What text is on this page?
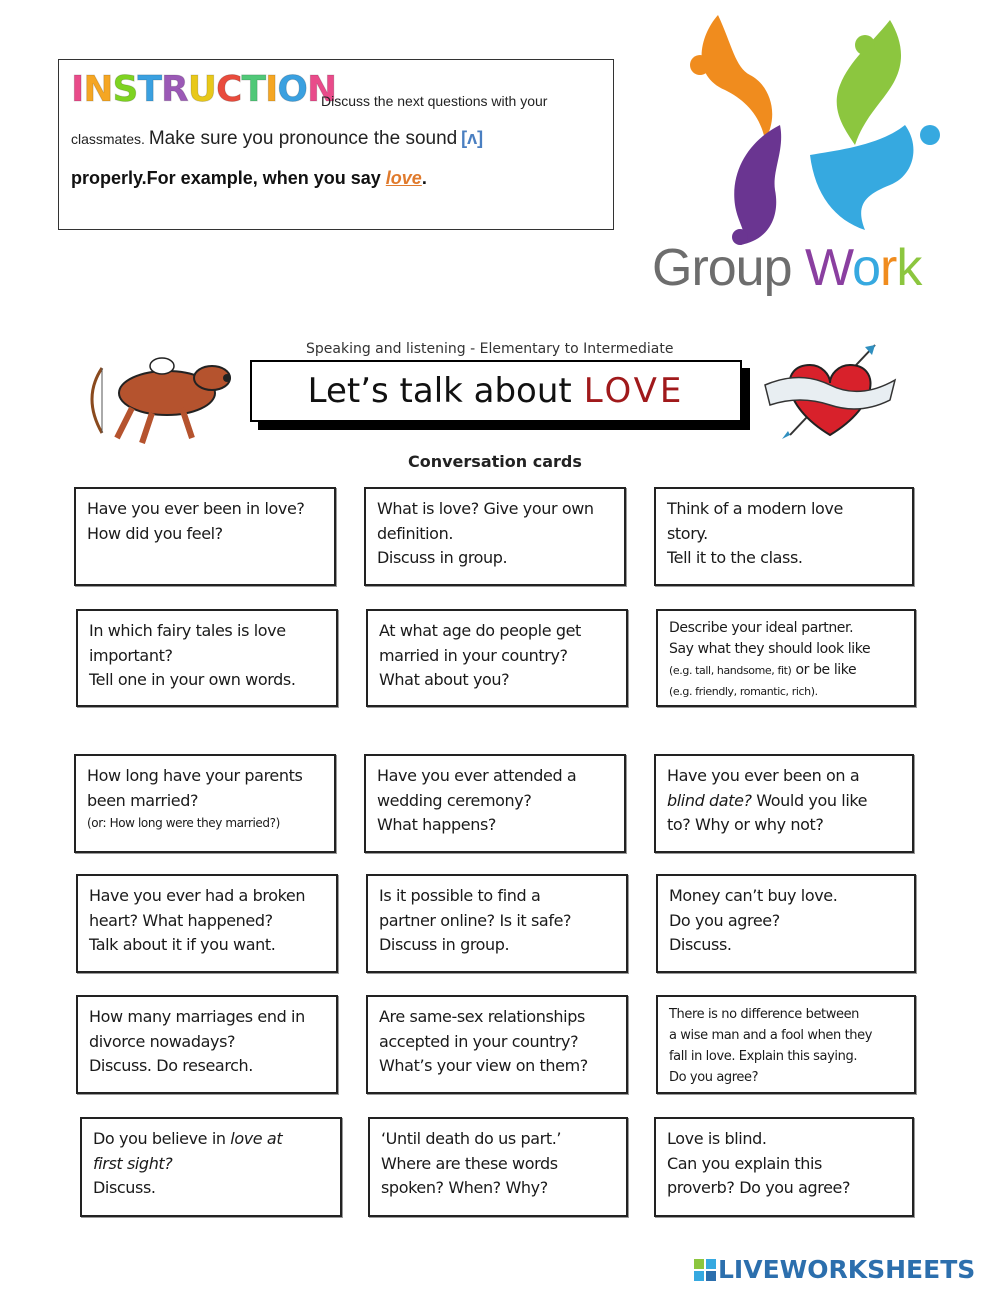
INSTRUCTION
Discuss the next questions with your
classmates. Make sure you pronounce the sound [ʌ]
properly.For example, when you say love.
Group Work
Speaking and listening - Elementary to Intermediate
Let’s talk about LOVE
Conversation cards
Have you ever been in love?
How did you feel?
What is love? Give your own
definition.
Discuss in group.
Think of a modern love
story.
Tell it to the class.
In which fairy tales is love
important?
Tell one in your own words.
At what age do people get
married in your country?
What about you?
Describe your ideal partner.
Say what they should look like
(e.g. tall, handsome, fit) or be like
(e.g. friendly, romantic, rich).
How long have your parents
been married?
(or: How long were they married?)
Have you ever attended a
wedding ceremony?
What happens?
Have you ever been on a
blind date? Would you like
to? Why or why not?
Have you ever had a broken
heart? What happened?
Talk about it if you want.
Is it possible to find a
partner online? Is it safe?
Discuss in group.
Money can’t buy love.
Do you agree?
Discuss.
How many marriages end in
divorce nowadays?
Discuss. Do research.
Are same-sex relationships
accepted in your country?
What’s your view on them?
There is no difference between
a wise man and a fool when they
fall in love. Explain this saying.
Do you agree?
Do you believe in love at
first sight?
Discuss.
‘Until death do us part.’
Where are these words
spoken? When? Why?
Love is blind.
Can you explain this
proverb? Do you agree?
LIVEWORKSHEETS
